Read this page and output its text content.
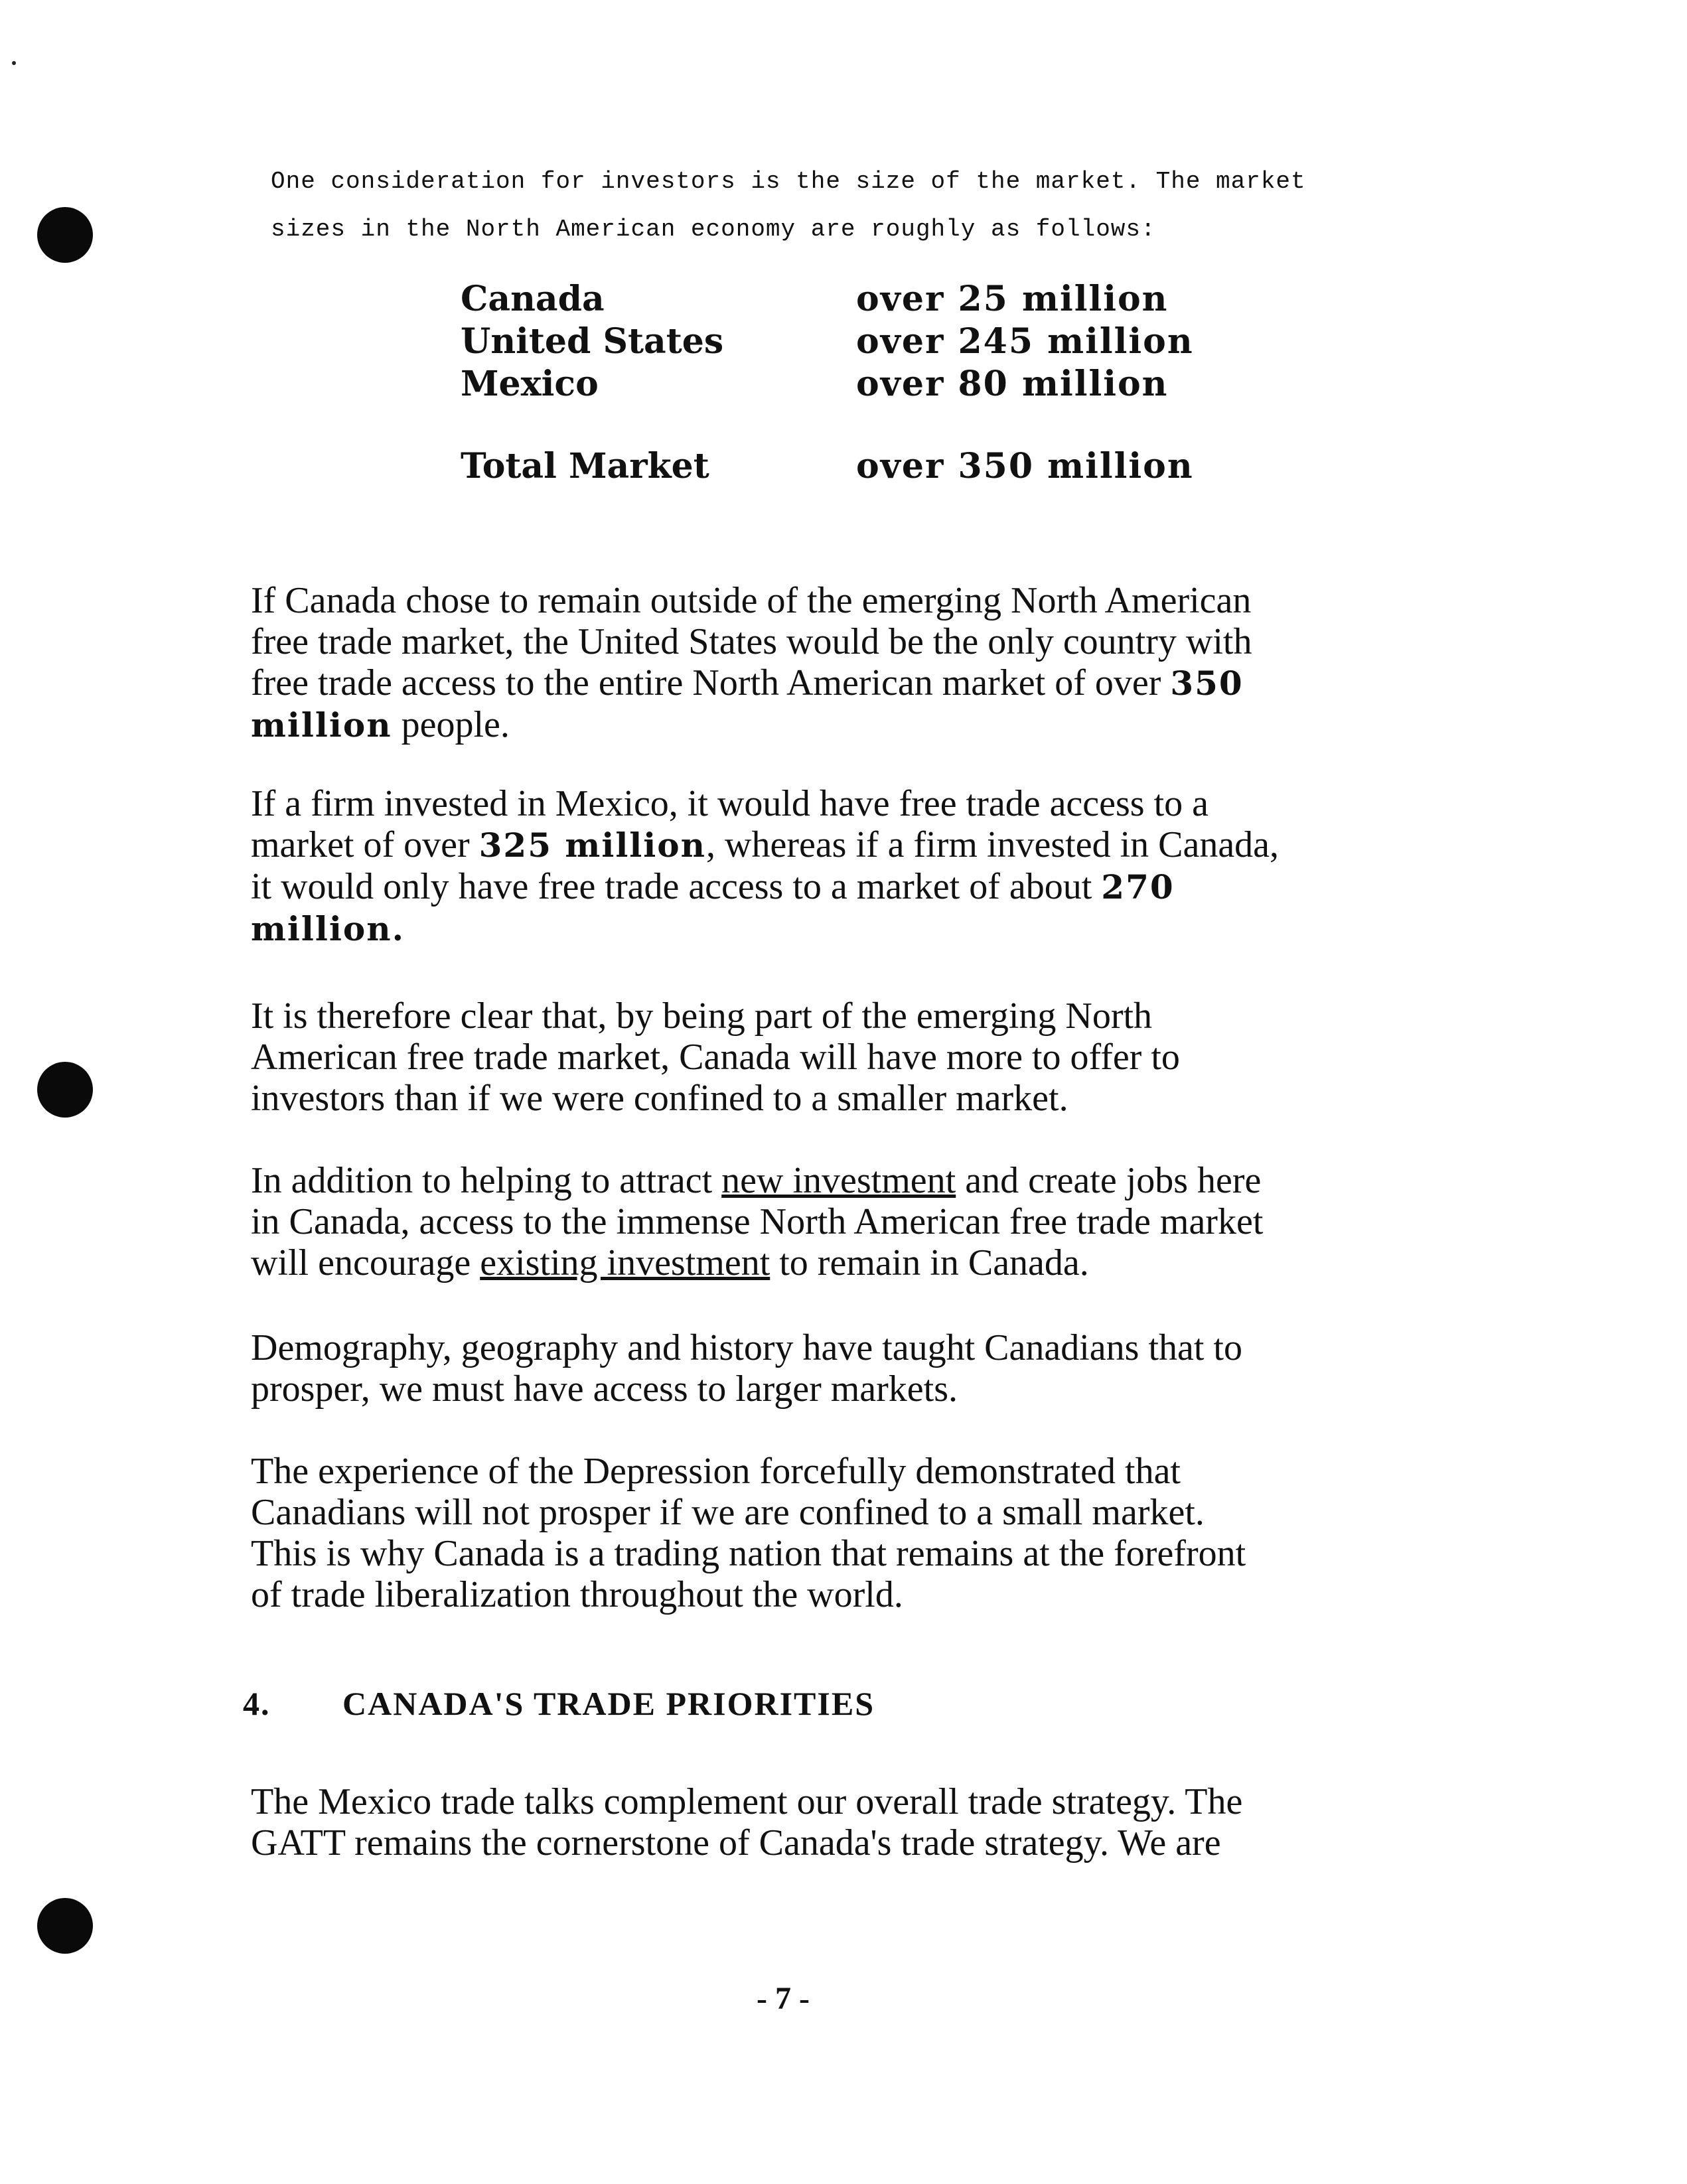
One consideration for investors is the size of the market. The market
sizes in the North American economy are roughly as follows:
Canada	over 25 million
United States	over 245 million
Mexico	over 80 million
Total Market	over 350 million
If Canada chose to remain outside of the emerging North American
free trade market, the United States would be the only country with
free trade access to the entire North American market of over 350
million people.
If a firm invested in Mexico, it would have free trade access to a
market of over 325 million, whereas if a firm invested in Canada,
it would only have free trade access to a market of about 270
million.
It is therefore clear that, by being part of the emerging North
American free trade market, Canada will have more to offer to
investors than if we were confined to a smaller market.
In addition to helping to attract new investment and create jobs here
in Canada, access to the immense North American free trade market
will encourage existing investment to remain in Canada.
Demography, geography and history have taught Canadians that to
prosper, we must have access to larger markets.
The experience of the Depression forcefully demonstrated that
Canadians will not prosper if we are confined to a small market.
This is why Canada is a trading nation that remains at the forefront
of trade liberalization throughout the world.
4. CANADA'S TRADE PRIORITIES
The Mexico trade talks complement our overall trade strategy. The
GATT remains the cornerstone of Canada's trade strategy. We are
- 7 -
